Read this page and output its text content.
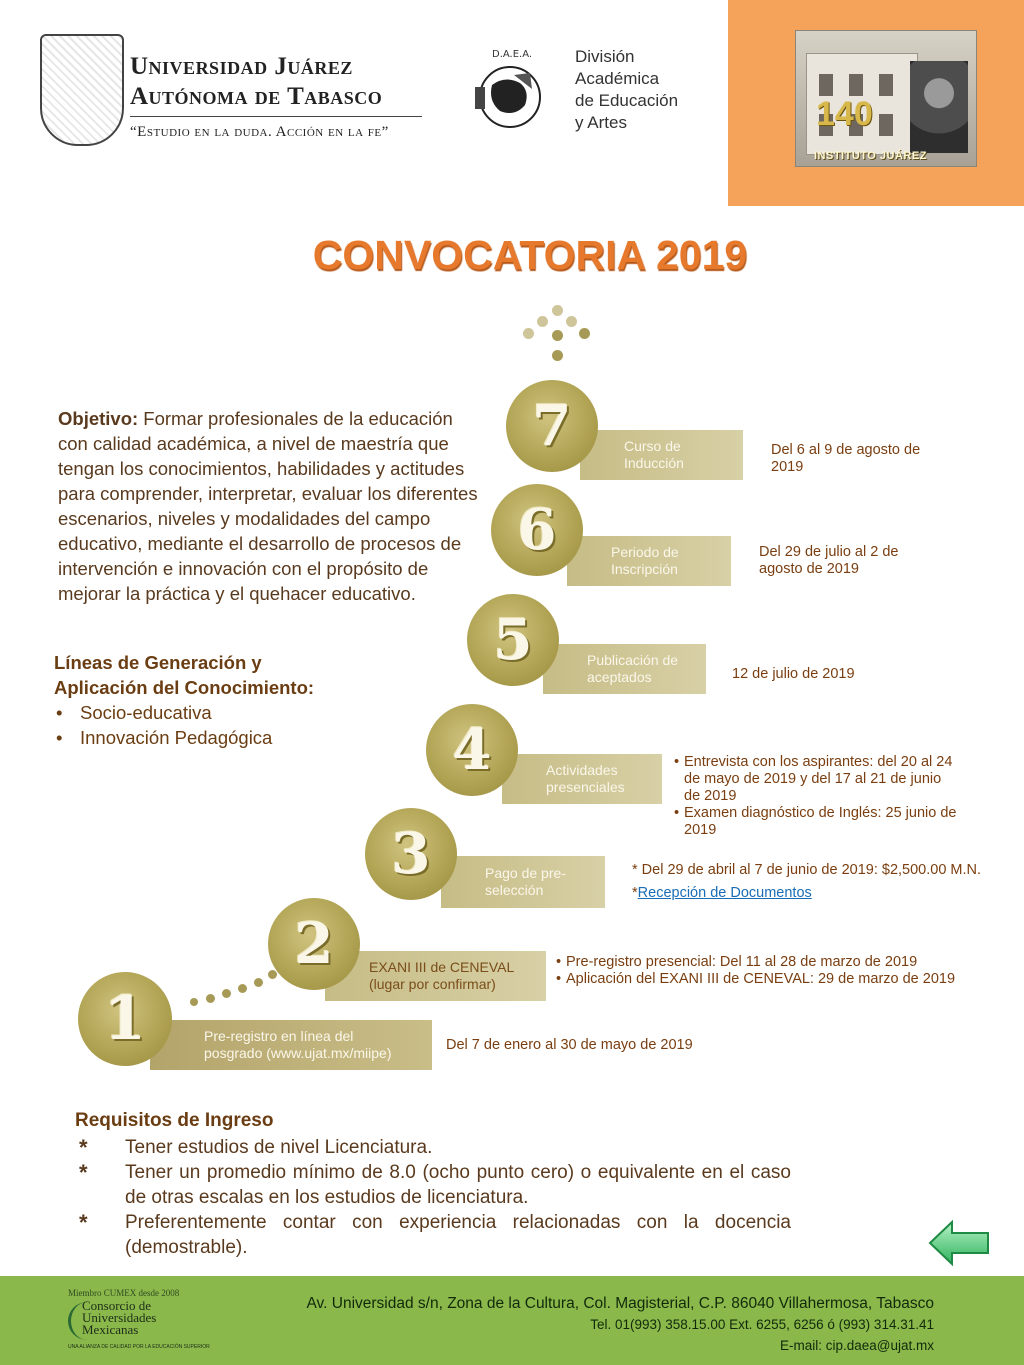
140
INSTITUTO JUÁREZ
Universidad Juárez
Autónoma de Tabasco
“Estudio en la duda. Acción en la fe”
D.A.E.A.	División
Académica
de Educación
y Artes
CONVOCATORIA 2019
Objetivo: Formar profesionales de la educación con calidad académica, a nivel de maestría que tengan los conocimientos, habilidades y actitudes para comprender, interpretar, evaluar los diferentes escenarios, niveles y modalidades del campo educativo, mediante el desarrollo de procesos de intervención e innovación con el propósito de mejorar la práctica y el quehacer educativo.
Líneas de Generación y
Aplicación del Conocimiento:
• Socio-educativa
• Innovación Pedagógica
Pre-registro en línea del
posgrado (www.ujat.mx/miipe)
1	Del 7 de enero al 30 de mayo de 2019
EXANI III de CENEVAL
(lugar por confirmar)
2	• Pre-registro presencial: Del 11 al 28 de marzo de 2019
• Aplicación del EXANI III de CENEVAL: 29 de marzo de 2019
Pago de pre-
selección
3	* Del 29 de abril al 7 de junio de 2019: $2,500.00 M.N.
*Recepción de Documentos
Actividades
presenciales
4	• Entrevista con los aspirantes: del 20 al 24 de mayo de 2019 y del 17 al 21 de junio de 2019
• Examen diagnóstico de Inglés: 25 junio de 2019
Publicación de
aceptados
5
12 de julio de 2019
Periodo de
Inscripción
6	Del 29 de julio al 2 de agosto de 2019
Curso de
Inducción
7	Del 6 al 9 de agosto de 2019
Requisitos de Ingreso
* Tener estudios de nivel Licenciatura.
* Tener un promedio mínimo de 8.0 (ocho punto cero) o equivalente en el caso de otras escalas en los estudios de licenciatura.
* Preferentemente contar con experiencia relacionadas con la docencia (demostrable).
Miembro CUMEX desde 2008
Consorcio de
Universidades
Mexicanas
UNA ALIANZA DE CALIDAD POR LA EDUCACIÓN SUPERIOR
Av. Universidad s/n, Zona de la Cultura, Col. Magisterial, C.P. 86040 Villahermosa, Tabasco
Tel. 01(993) 358.15.00 Ext. 6255, 6256 ó (993) 314.31.41
E-mail: cip.daea@ujat.mx
